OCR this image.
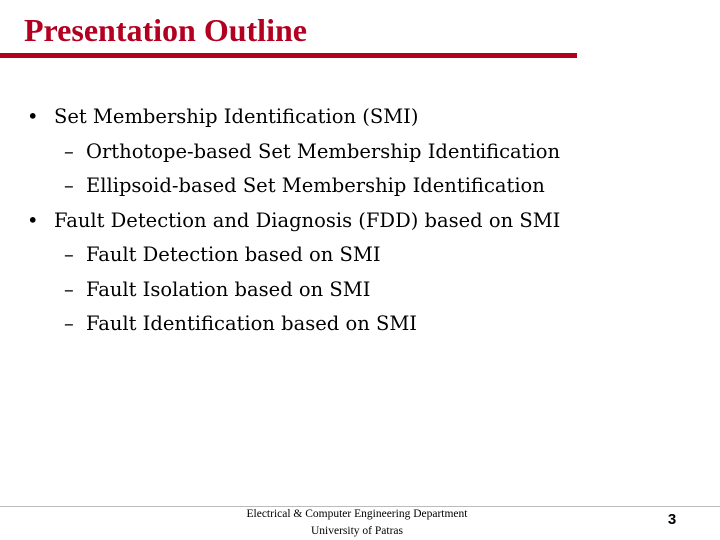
Presentation Outline
• Set Membership Identification (SMI)
– Orthotope-based Set Membership Identification
– Ellipsoid-based Set Membership Identification
• Fault Detection and Diagnosis (FDD) based on SMI
– Fault Detection based on SMI
– Fault Isolation based on SMI
– Fault Identification based on SMI
Electrical & Computer Engineering Department
University of Patras
3
